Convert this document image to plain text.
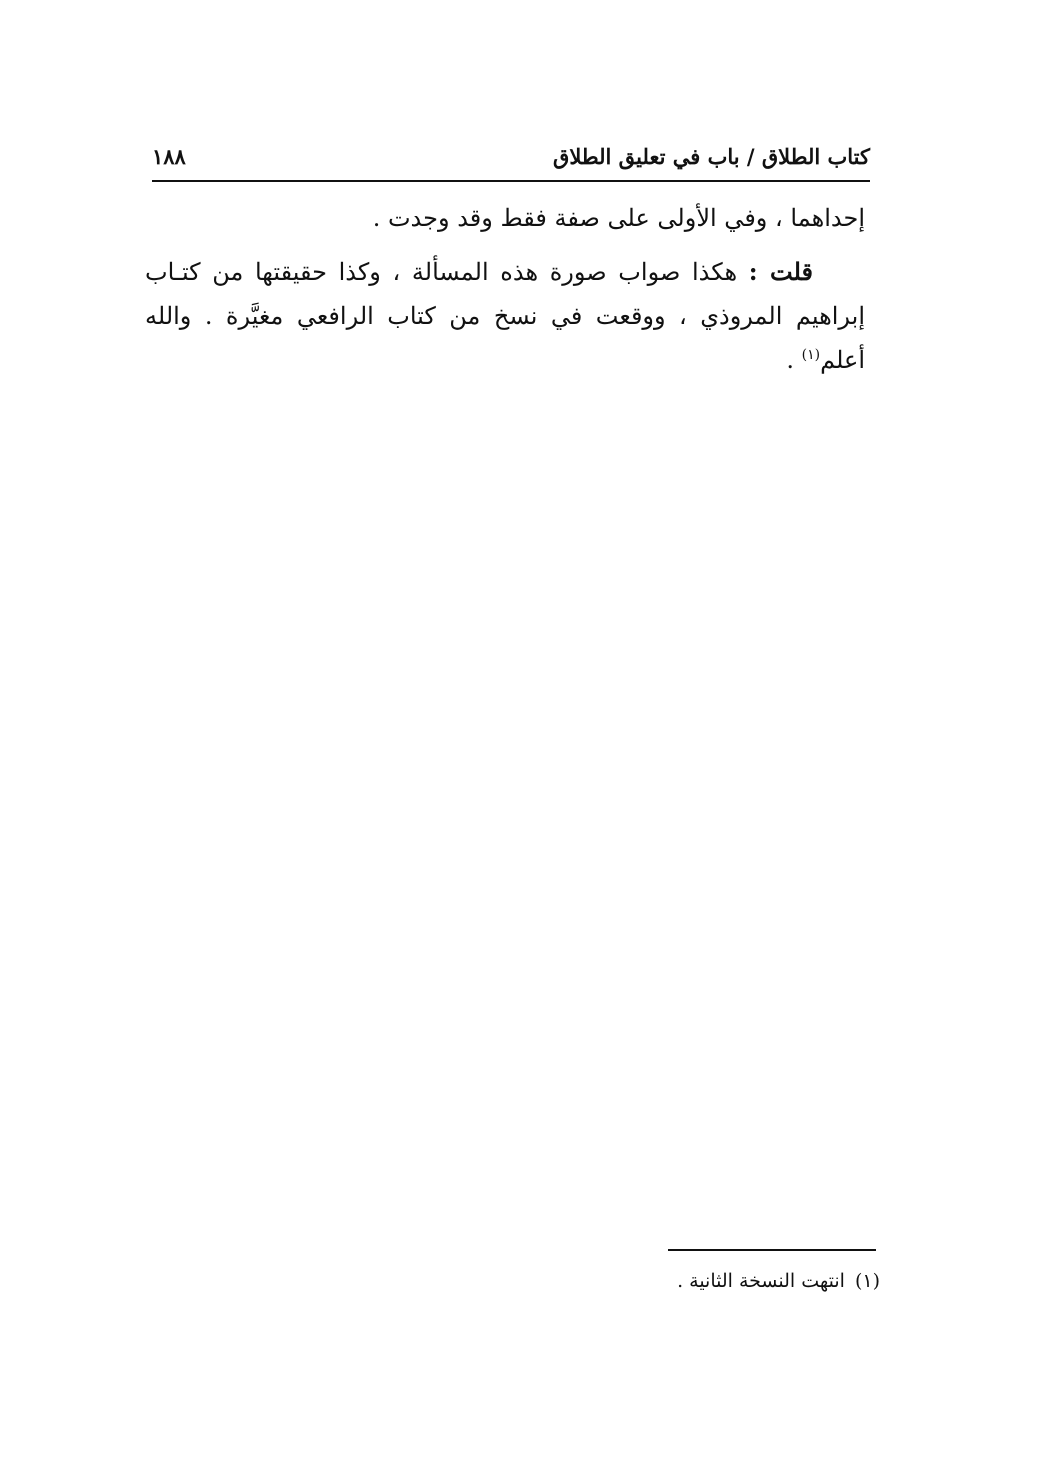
كتاب الطلاق / باب في تعليق الطلاق
١٨٨

إحداهما ، وفي الأولى على صفة فقط وقد وجدت .

قلت : هكذا صواب صورة هذه المسألة ، وكذا حقيقتها من كتـاب إبراهيم المروذي ، ووقعت في نسخ من كتاب الرافعي مغيَّرة . والله أعلم$^{(١)}$ .

(١)انتهت النسخة الثانية .
